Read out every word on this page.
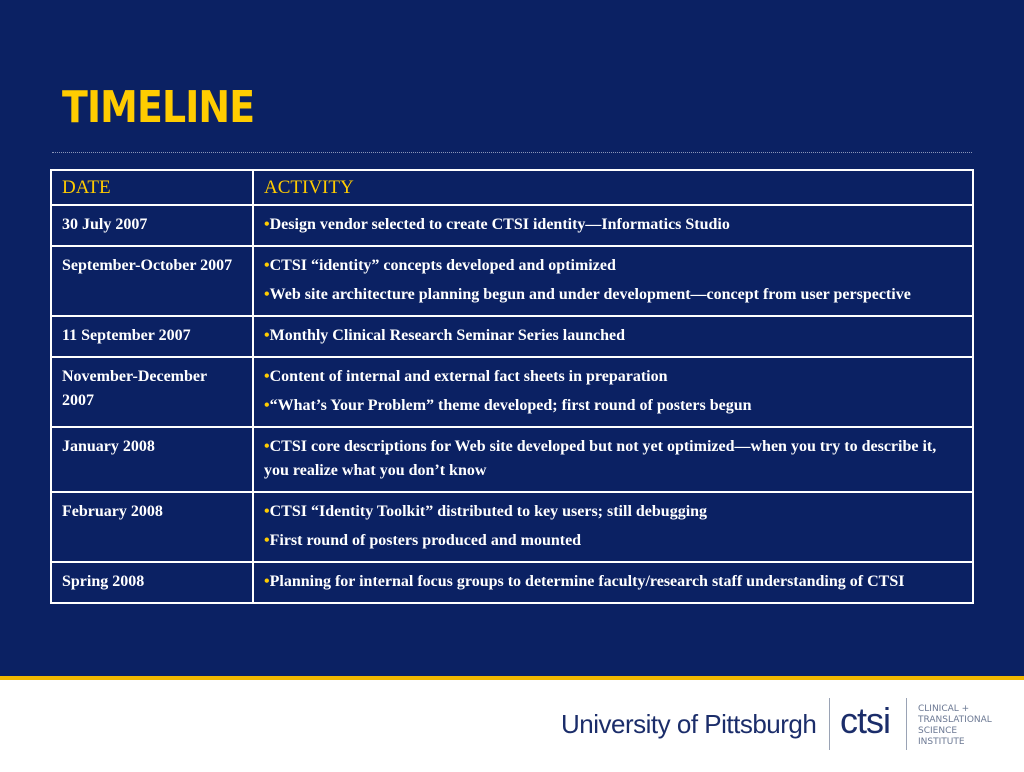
TIMELINE
DATE	ACTIVITY
30 July 2007	•Design vendor selected to create CTSI identity—Informatics Studio

September-October 2007	•CTSI “identity” concepts developed and optimized
•Web site architecture planning begun and under development—concept from user perspective

11 September 2007	•Monthly Clinical Research Seminar Series launched

November-December 2007	•Content of internal and external fact sheets in preparation
•“What’s Your Problem” theme developed; first round of posters begun

January 2008	•CTSI core descriptions for Web site developed but not yet optimized—when you try to describe it, you realize what you don’t know

February 2008	•CTSI “Identity Toolkit” distributed to key users; still debugging
•First round of posters produced and mounted

Spring 2008	•Planning for internal focus groups to determine faculty/research staff understanding of CTSI
University of Pittsburgh ctsi	CLINICAL +
TRANSLATIONAL
SCIENCE
INSTITUTE
